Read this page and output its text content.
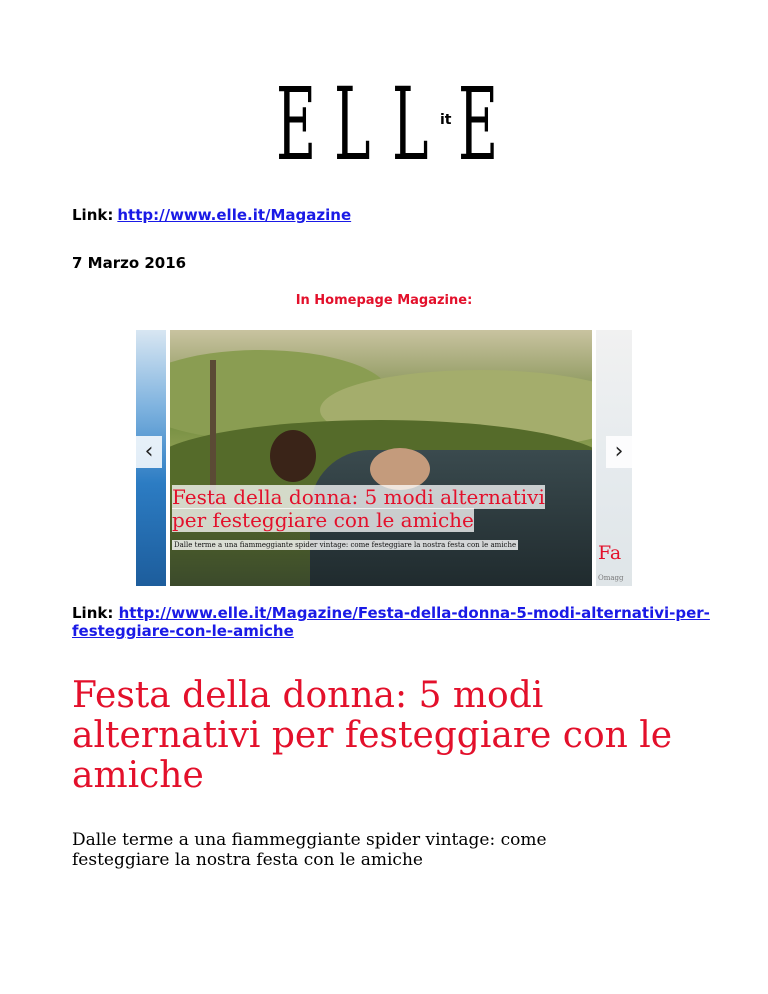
E L L it E
Link: http://www.elle.it/Magazine
7 Marzo 2016
In Homepage Magazine:
‹	›
Festa della donna: 5 modi alternativi per festeggiare con le amiche
Dalle terme a una fiammeggiante spider vintage: come festeggiare la nostra festa con le amiche	Fa
Omagg
Link: http://www.elle.it/Magazine/Festa-della-donna-5-modi-alternativi-per-festeggiare-con-le-amiche
Festa della donna: 5 modi alternativi per festeggiare con le amiche
Dalle terme a una fiammeggiante spider vintage: come festeggiare la nostra festa con le amiche
